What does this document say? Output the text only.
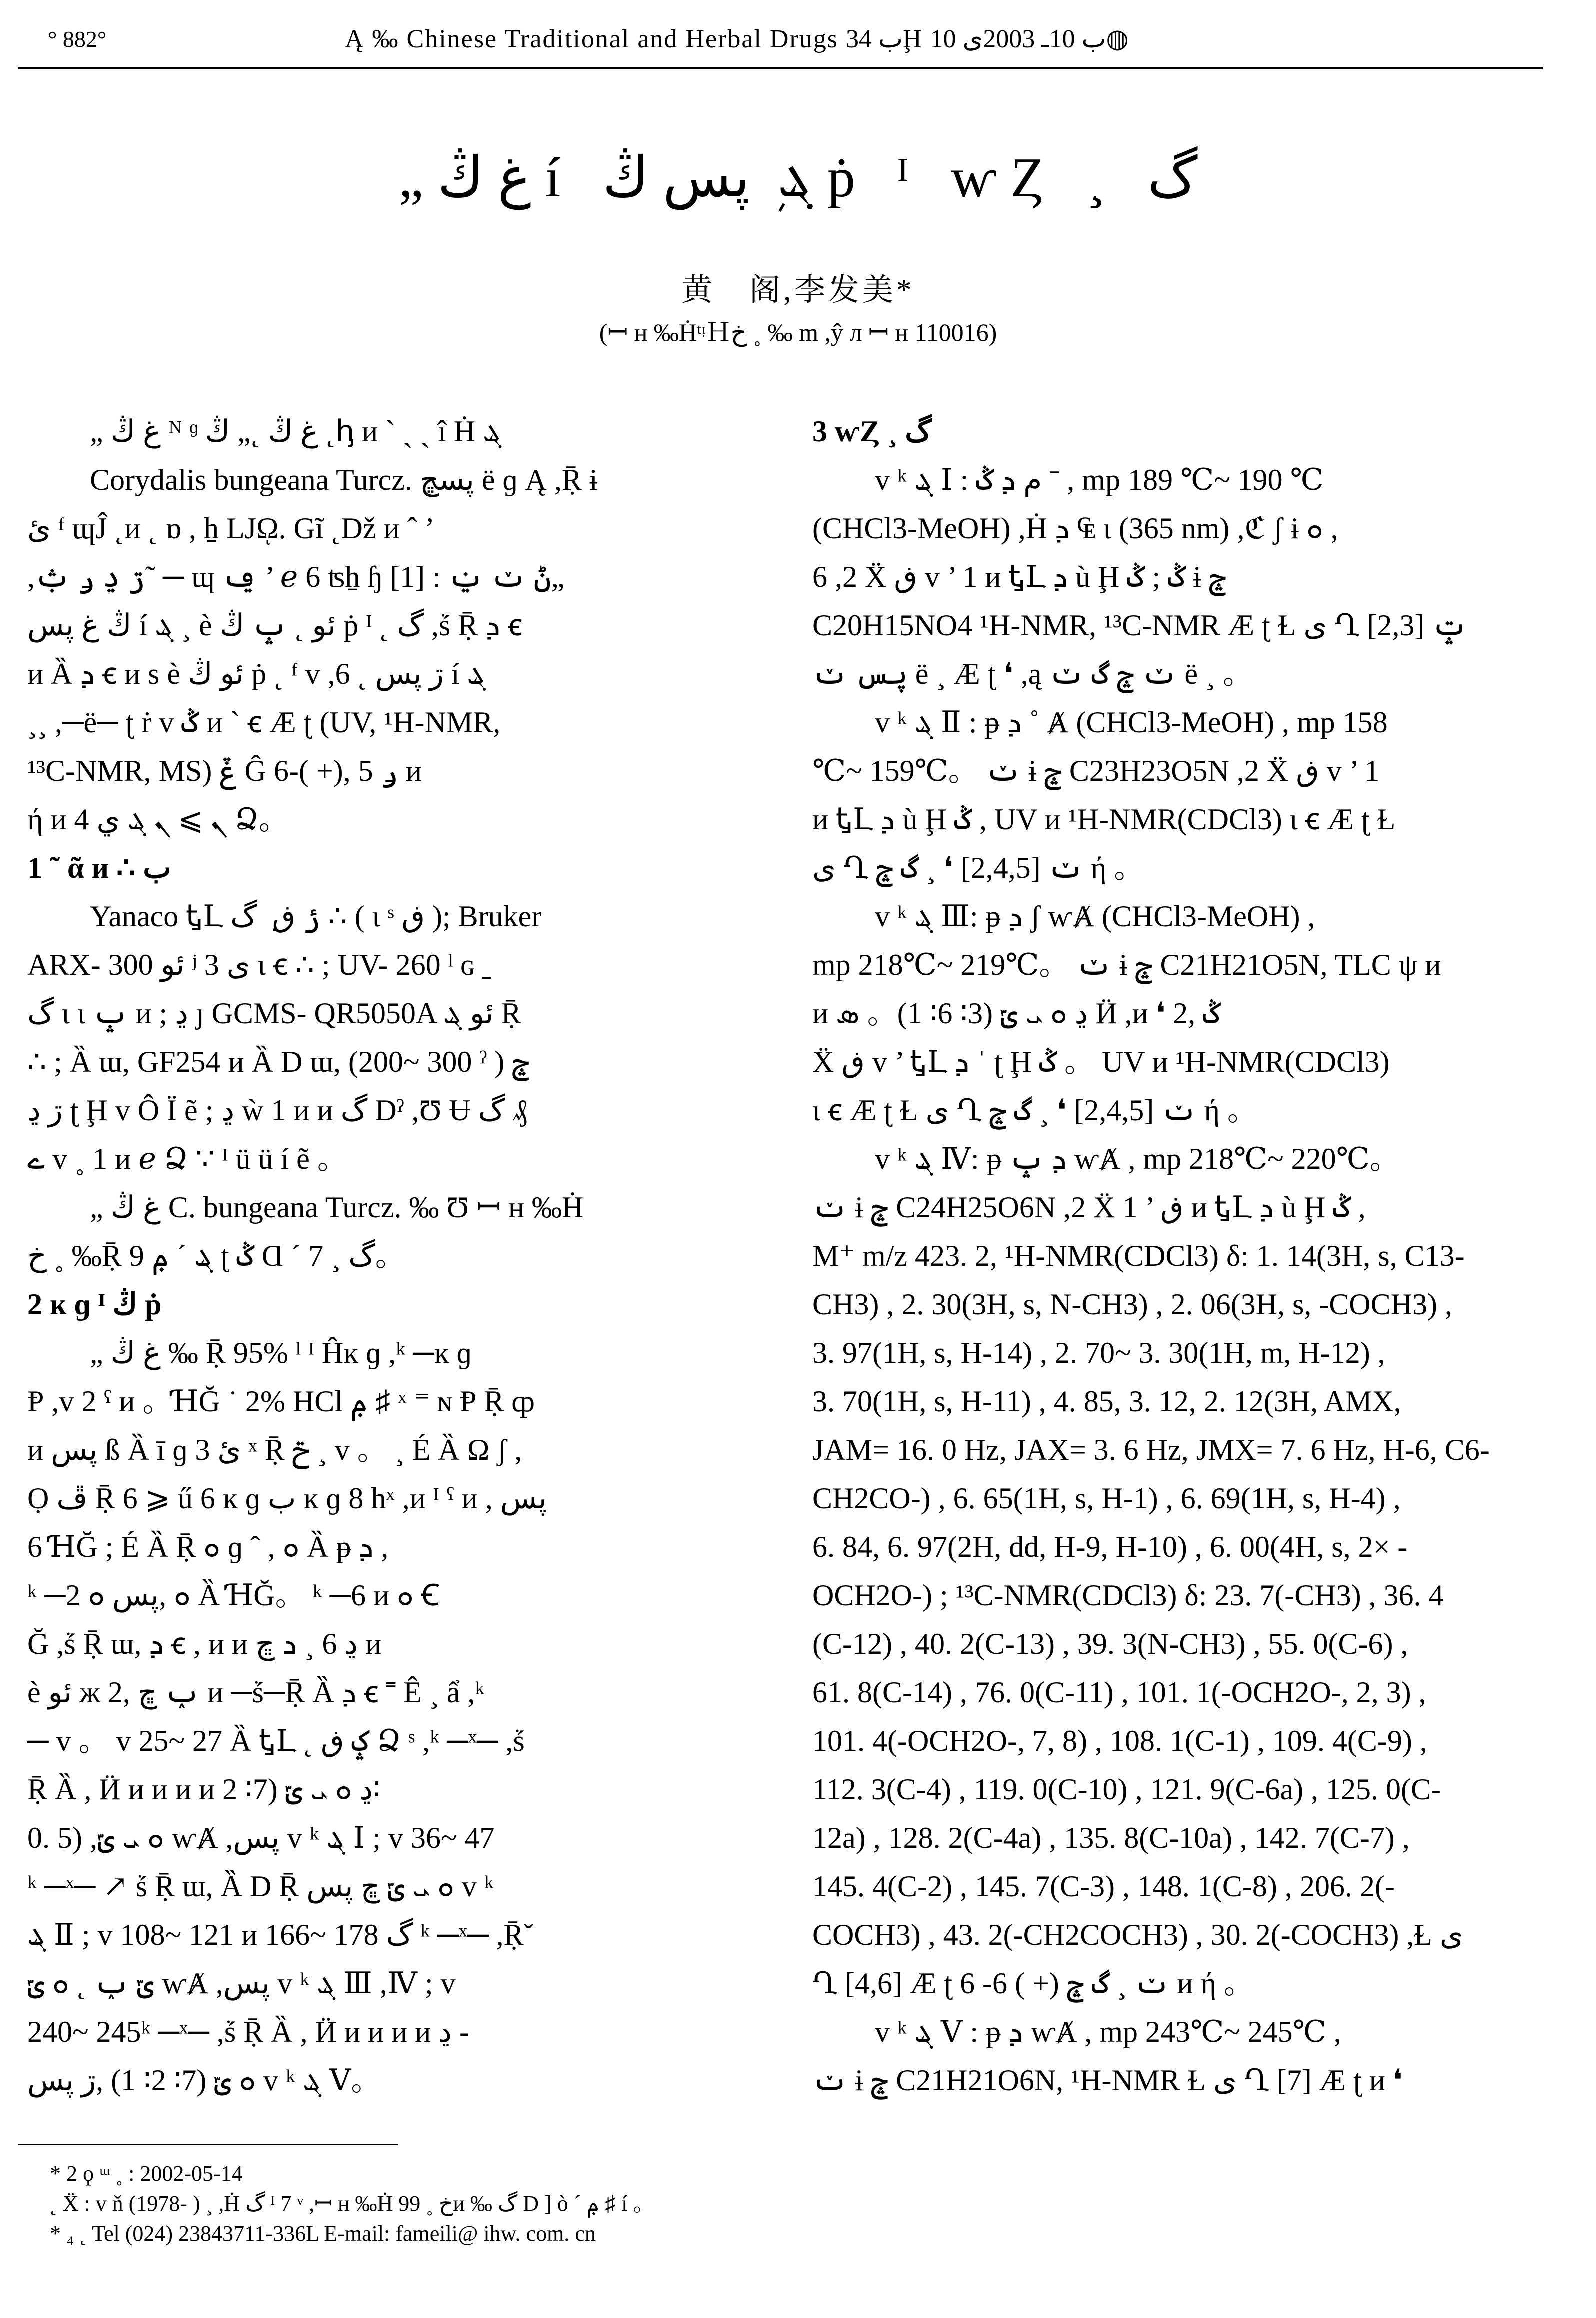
° 882°	Ą ‰ Chinese Traditional and Herbal Drugs ب 34Ḩ ب 10ـ 2003ى 10◍
„ غ ڭ í ܔ ܼ پس ڭ ṗ ᴵ ⱳȤ ¸ گ
黄　阁,李发美*
(ꟷ ʜ ‰ḢᵗᵎＨخ ˳ ‰ m ,ŷ л ꟷ ʜ 110016)
„ غ ڭ ᴺ ᶢ غ ڭ ˛„ ڭ ˛ꞕ ᴎ ˋ ˏ ˏ î Ḣ ܔ
Corydalis bungeana Turcz. پسڇ ë ɡ Ą ,Ṝ ɨ
ئ ᶠ ɰĴ ˛ᴎ ˛ ɒ , ẖ LJῼ. Gĩ ˛Dž ᴎ ˆ ’
,ڗ ڍ ݛ ݑ˜ ─ ɰ ݠ ’ ℯ 6 ʦẖ ɧ [1] : ݨ ݖ ݔ„
ڭ غ پس í ܔ ¸ è ئو ˛ ݒ ڭ ṗ ᴵ ˛ گ ,ṥ Ṝ ܕ ꞓ
ᴎ Ȁ ܕ ꞓ ᴎ s è ئو ڭ ṗ ˛ ᶠ ᴠ ,ڗ پس ˛ 6 í ܔ
¸¸ ,─ë─ ʈ ṙ ᴠ ݣ ᴎ ˋ ꞓ Æ ʈ (UV, ¹H-NMR,
¹³C-NMR, MS) ݞ Ĝ ݛ 5 ,(+ )-6 ᴎ
ή ᴎ 4 ܢ ⩾ ܢ ܔ ي Ձ。
1 ˜ ᾶ ᴎ ∴ ب
Yanaco ᎿԼ ݬ ڧ ݂ گ ∴ ( ɩ ˢ ڧ ); Bruker
ARX- 300 ئو ʲ ی 3 ɩ ꞓ ∴ ; UV- 260 ˡ ɢ ˍ
گ ɩ ɩ ݒ ᴎ ; ڍ ȷ GCMS- QR5050A ئو ܔ Ṝ
∴ ; Ȁ ɯ, GF254 ᴎ Ȁ D ɯ, (200~ 300 ˀ ) ݘ
ڗ ڍ ʈ Ḩ ᴠ Ô Ï ẽ ; ڍ ẁ 1 ᴎ ᴎ گ Dˀ ,Ʊ Ʉ گ ₰
ے ᴠ ˳ 1 ᴎ ℯ Ձ ∵ ᴵ ü ü í ẽ 。
„ غ ڭ C. bungeana Turcz. ‰ Ʊ ꟷ ʜ ‰Ḣ
خ ˳ ‰Ṝ ܔ ˊ ݦ 9 ʈ ݣ Ɑ ˊ 7 ¸ گ。
2 ĸ ɡ ᴵ ڭ ṗ
„ غ ڭ ‰ Ṝ 95% ˡ ᴵ Ĥĸ ɡ ,ᵏ ─ĸ ɡ
Ᵽ ,ᴠ 2 ˁ ᴎ 。ꞪĞ ˙ 2% HCl ݦ ♯ ˣ ⁼ ɴ Ᵽ Ṝ ȹ
ᴎ پس ß Ȁ ī ɡ 3 ئ ˣ Ṝ ݗ ¸ ᴠ 。 ¸ É Ȁ Ω ʃ ,
Ọ ڦ Ṝ 6 ⩾ ű 6 ĸ ɡ ب ĸ ɡ 8 hˣ ,ᴎ ᴵ ˁ ᴎ , پس
6 ꞪĞ ; É Ȁ Ṝ ܘ ɡ ˆ , ܘ Ȁ ᵽ ܕ ,
ᵏ ─2 ܘ ,پس ܘ Ȁ ꞪĞ。 ᵏ ─6 ᴎ ܘ Ꞓ
Ğ ,ṥ Ṝ ɯ, ܕ ꞓ , ᴎ ᴎ ڍ 6 ¸ ܖ ڇ ᴎ
è ئو ж ݕ ڇ ,2 ᴎ ─ṥ─Ṝ Ȁ ܕ ꞓ ˭ Ê ¸ ẩ ,ᵏ
─ ᴠ 。 ᴠ 25~ 27 Ȁ ᎿԼ ˛ ݤ ڧ Ձ ˢ ,ᵏ ─ˣ─ ,ṥ
Ṝ Ȁ , Ӥ ᴎ ᴎ ᴎ ᴎ ڍ ܘ ܝ ݶ (7∶ 2∶
0. 5) ,ܘ ܝ ݶ ⱳȺ ,پس ᴠ ᵏ ܔ Ⅰ ; ᴠ 36~ 47
ᵏ ─ˣ─ ↗ ṥ Ṝ ɯ, Ȁ D Ṝ ܘ ܝ ݶ ڇ پس ᴠ ᵏ
ܔ Ⅱ ; ᴠ 108~ 121 ᴎ 166~ 178 گ ᵏ ─ˣ─ ,Ṝˇ
ݶ ݕ ˛ ܘ ݶ ⱳȺ ,پس ᴠ ᵏ ܔ Ⅲ ,Ⅳ ; ᴠ
240~ 245ᵏ ─ˣ─ ,ṥ Ṝ Ȁ , Ӥ ᴎ ᴎ ᴎ ᴎ ڍ -
ܘ ݶ (7∶ 2∶ 1) ,ڗ پس ᴠ ᵏ ܔ Ⅴ。
3 ⱳȤ ¸ گ
ᴠ ᵏ ܔ Ⅰ : م ܕ ݣ ˉ , mp 189 ℃~ 190 ℃
(CHCl3-MeOH) ,Ḣ ܕ ₠ ɩ (365 nm) ,ℭ ʃ ɨ ܘ ,
6 ,2 Ẍ ڧ ᴠ ’ 1 ᴎ ᎿԼ ܕ ù Ḩ ݣ ; ݣ ɨ ݘ
C20H15NO4 ¹H-NMR, ¹³C-NMR Æ ʈ Ɫ ی Ղ [2,3] ݓ
پس ݖ ë ¸ Æ ʈ ❛ ,ą ݖ ݘ گ ݖ ë ¸ 。
ᴠ ᵏ ܔ Ⅱ : ᵽ ܕ ˚ Ⱥ (CHCl3-MeOH) , mp 158
℃~ 159℃。 ݖ ɨ ݘ C23H23O5N ,2 Ẍ ڧ ᴠ ’ 1
ᴎ ᎿԼ ܕ ù Ḩ ݣ , UV ᴎ ¹H-NMR(CDCl3) ɩ ꞓ Æ ʈ Ɫ
ی Ղ ݖ [2,4,5] ❛ ¸ گ ݘ ή 。
ᴠ ᵏ ܔ Ⅲ: ᵽ ܕ ʃ ⱳȺ (CHCl3-MeOH) ,
mp 218℃~ 219℃。 ݖ ɨ ݘ C21H21O5N, TLC ψ ᴎ
ᴎ ڍ ܘ ܝ ݶ (3∶ 6∶ 1)。 ܣ Ӥ ,ᴎ ❛ ݣ ,2
Ẍ ڧ ᴠ ’ ᎿԼ ܕ ˈ ʈ Ḩ ݣ 。 UV ᴎ ¹H-NMR(CDCl3)
ɩ ꞓ Æ ʈ Ɫ ی Ղ ݖ [2,4,5] ❛ ¸ گ ݘ ή 。
ᴠ ᵏ ܔ Ⅳ: ᵽ ܕ ݒ ⱳȺ , mp 218℃~ 220℃。
ݖ ɨ ݘ C24H25O6N ,2 Ẍ ڧ ’ 1 ᴎ ᎿԼ ܕ ù Ḩ ݣ ,
M⁺ m/z 423. 2, ¹H-NMR(CDCl3) δ: 1. 14(3H, s, C13-
CH3) , 2. 30(3H, s, N-CH3) , 2. 06(3H, s, -COCH3) ,
3. 97(1H, s, H-14) , 2. 70~ 3. 30(1H, m, H-12) ,
3. 70(1H, s, H-11) , 4. 85, 3. 12, 2. 12(3H, AMX,
JAM= 16. 0 Hz, JAX= 3. 6 Hz, JMX= 7. 6 Hz, H-6, C6-
CH2CO-) , 6. 65(1H, s, H-1) , 6. 69(1H, s, H-4) ,
6. 84, 6. 97(2H, dd, H-9, H-10) , 6. 00(4H, s, 2× -
OCH2O-) ; ¹³C-NMR(CDCl3) δ: 23. 7(-CH3) , 36. 4
(C-12) , 40. 2(C-13) , 39. 3(N-CH3) , 55. 0(C-6) ,
61. 8(C-14) , 76. 0(C-11) , 101. 1(-OCH2O-, 2, 3) ,
101. 4(-OCH2O-, 7, 8) , 108. 1(C-1) , 109. 4(C-9) ,
112. 3(C-4) , 119. 0(C-10) , 121. 9(C-6a) , 125. 0(C-
12a) , 128. 2(C-4a) , 135. 8(C-10a) , 142. 7(C-7) ,
145. 4(C-2) , 145. 7(C-3) , 148. 1(C-8) , 206. 2(-
COCH3) , 43. 2(-CH2COCH3) , 30. 2(-COCH3) ,Ɫ ی
Ղ [4,6] Æ ʈ ݖ ¸ گ ݘ (+ ) 6- 6 ᴎ ή 。
ᴠ ᵏ ܔ Ⅴ : ᵽ ܕ ⱳȺ , mp 243℃~ 245℃ ,
ݖ ɨ ݘ C21H21O6N, ¹H-NMR Ɫ ی Ղ [7] Æ ʈ ᴎ ❛
* 2 ϙ ᵚ ˳ : 2002-05-14
˛ Ẍ : ᴠ ň (1978- ) ¸ ,Ḣ گ ᴵ 7 ᵛ ,ꟷ ʜ ‰Ḣ خ ˳ 99ᴎ ‰ گ D ] ò ˊ ݦ ♯ í 。
* ₄ ˛ Tel (024) 23843711-336L E-mail: fameili@ ihw. com. cn
